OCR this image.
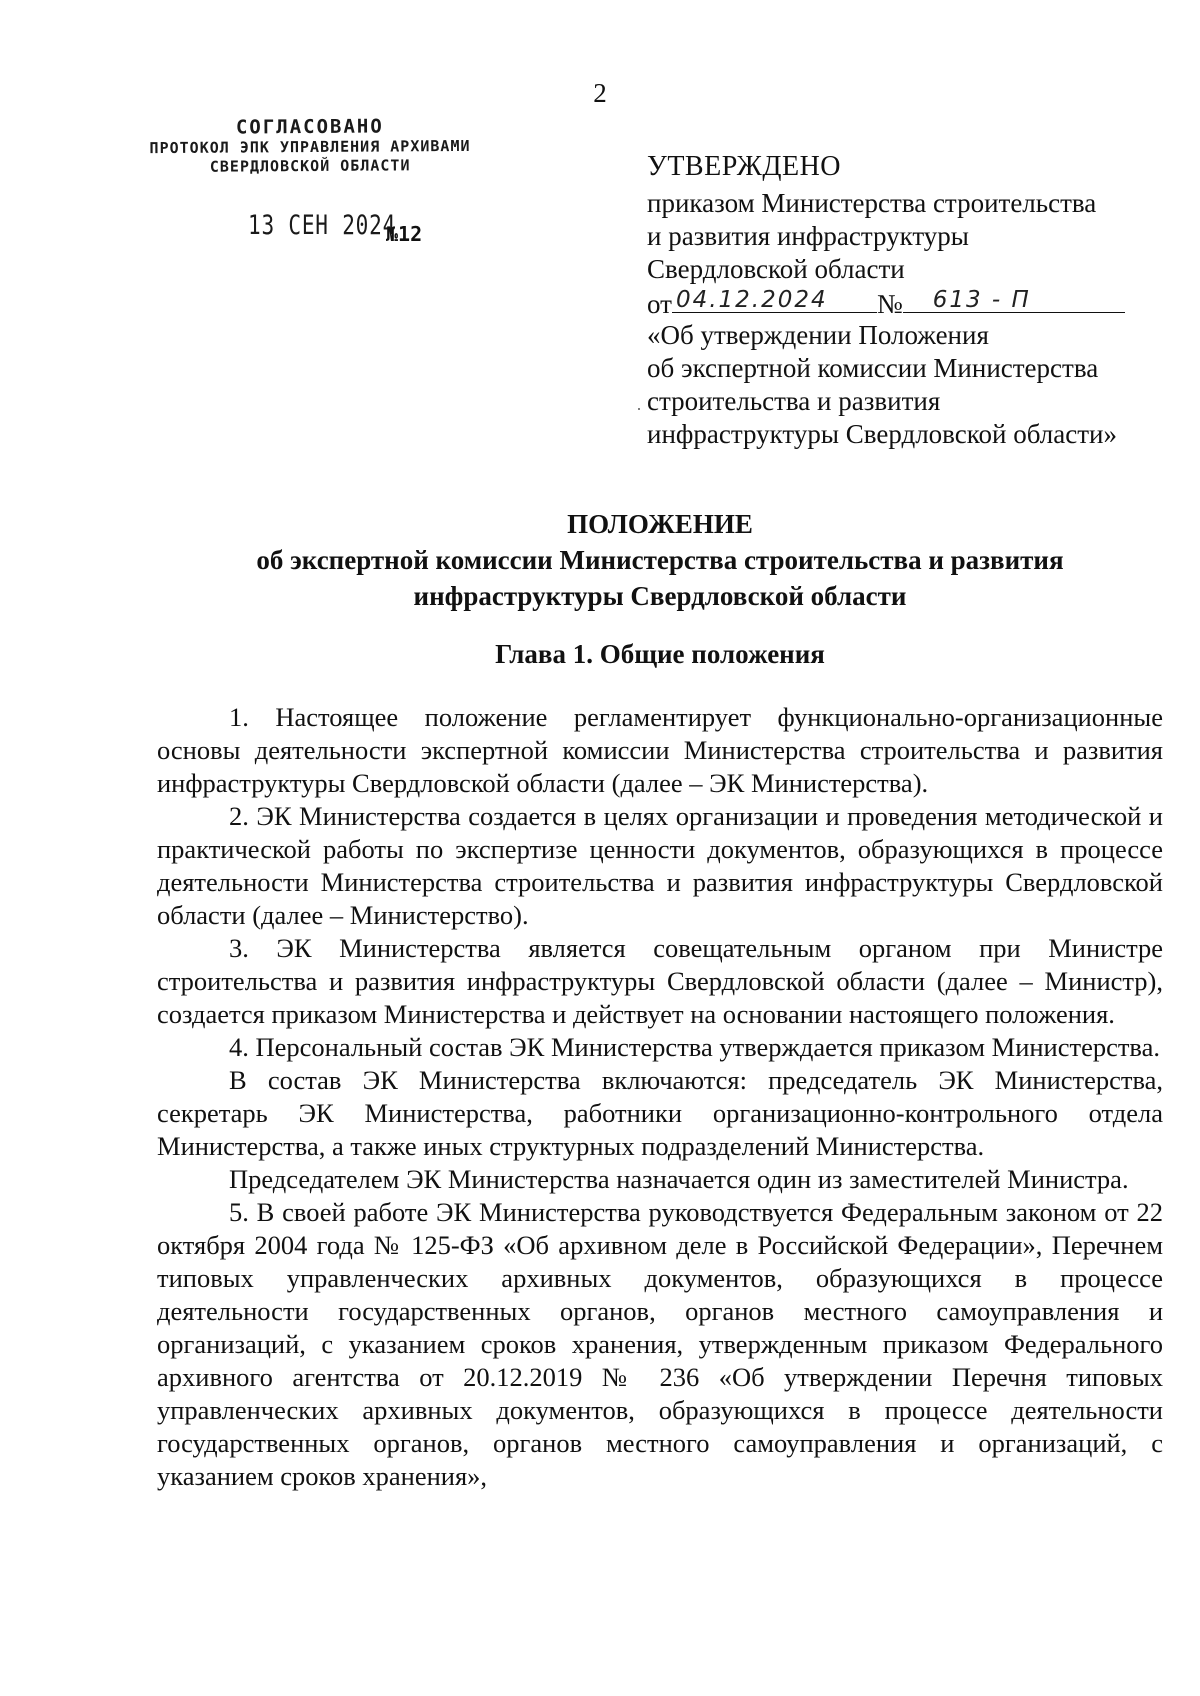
2
СОГЛАСОВАНО
ПРОТОКОЛ ЭПК УПРАВЛЕНИЯ АРХИВАМИ
СВЕРДЛОВСКОЙ ОБЛАСТИ
13 СЕН 2024
№12
УТВЕРЖДЕНО
приказом Министерства строительства
и развития инфраструктуры
Свердловской области
от 04.12.2024 № 613 - П
«Об утверждении Положения
об экспертной комиссии Министерства
строительства и развития
инфраструктуры Свердловской области»
ПОЛОЖЕНИЕ
об экспертной комиссии Министерства строительства и развития
инфраструктуры Свердловской области
Глава 1. Общие положения

1. Настоящее положение регламентирует функционально-организационные основы деятельности экспертной комиссии Министерства строительства и развития инфраструктуры Свердловской области (далее – ЭК Министерства).

2. ЭК Министерства создается в целях организации и проведения методической и практической работы по экспертизе ценности документов, образующихся в процессе деятельности Министерства строительства и развития инфраструктуры Свердловской области (далее – Министерство).

3. ЭК Министерства является совещательным органом при Министре строительства и развития инфраструктуры Свердловской области (далее – Министр), создается приказом Министерства и действует на основании настоящего положения.

4. Персональный состав ЭК Министерства утверждается приказом Министерства.

В состав ЭК Министерства включаются: председатель ЭК Министерства, секретарь ЭК Министерства, работники организационно-контрольного отдела Министерства, а также иных структурных подразделений Министерства.

Председателем ЭК Министерства назначается один из заместителей Министра.

5. В своей работе ЭК Министерства руководствуется Федеральным законом от 22 октября 2004 года № 125-ФЗ «Об архивном деле в Российской Федерации», Перечнем типовых управленческих архивных документов, образующихся в процессе деятельности государственных органов, органов местного самоуправления и организаций, с указанием сроков хранения, утвержденным приказом Федерального архивного агентства от 20.12.2019 № 236 «Об утверждении Перечня типовых управленческих архивных документов, образующихся в процессе деятельности государственных органов, органов местного самоуправления и организаций, с указанием сроков хранения»,
